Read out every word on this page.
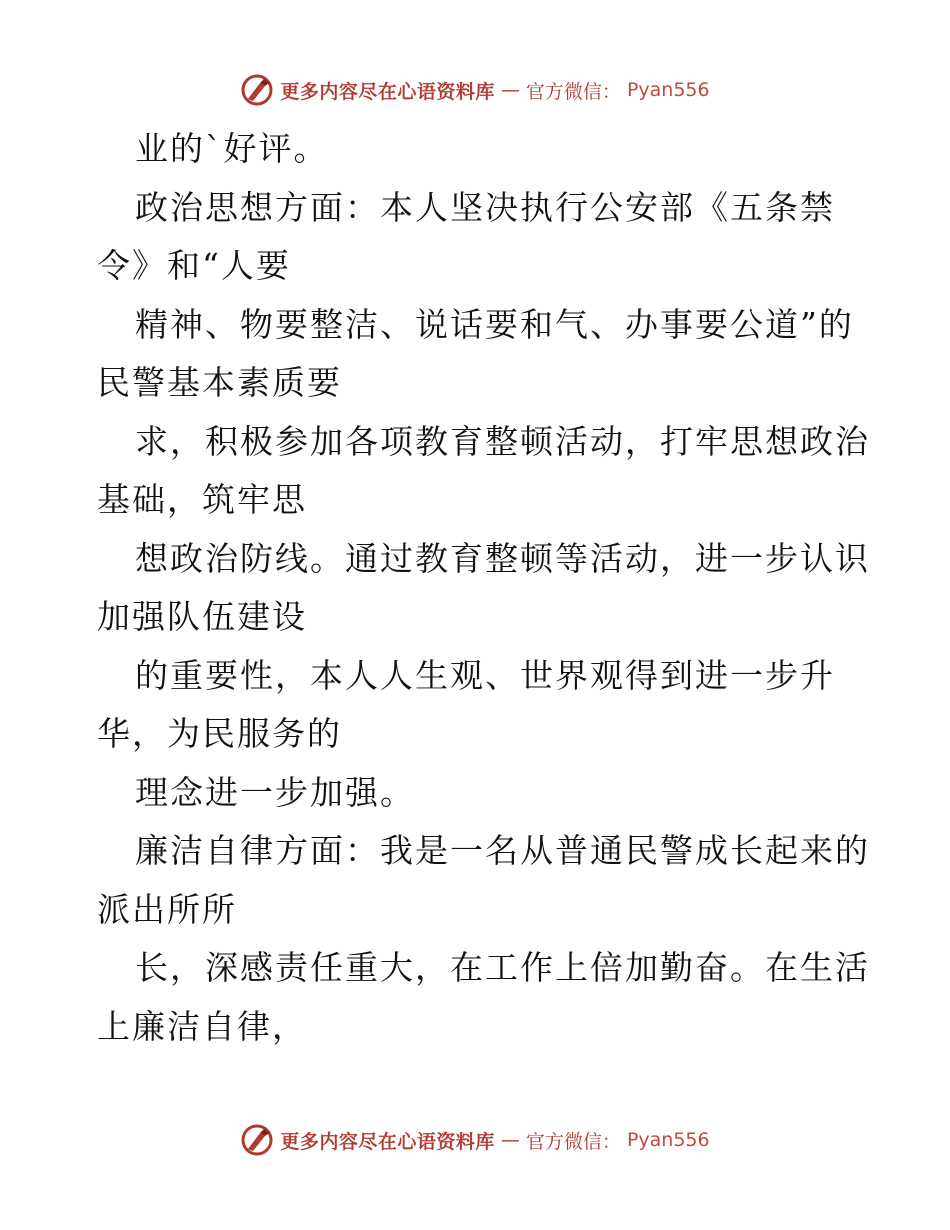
更多内容尽在心语资料库 — 官方微信： Pyan556
业的`好评。
政治思想方面：本人坚决执行公安部《五条禁
令》和“人要
精神、物要整洁、说话要和气、办事要公道”的
民警基本素质要
求，积极参加各项教育整顿活动，打牢思想政治
基础，筑牢思
想政治防线。通过教育整顿等活动，进一步认识
加强队伍建设
的重要性，本人人生观、世界观得到进一步升
华，为民服务的
理念进一步加强。
廉洁自律方面：我是一名从普通民警成长起来的
派出所所
长，深感责任重大，在工作上倍加勤奋。在生活
上廉洁自律，
更多内容尽在心语资料库 — 官方微信： Pyan556
